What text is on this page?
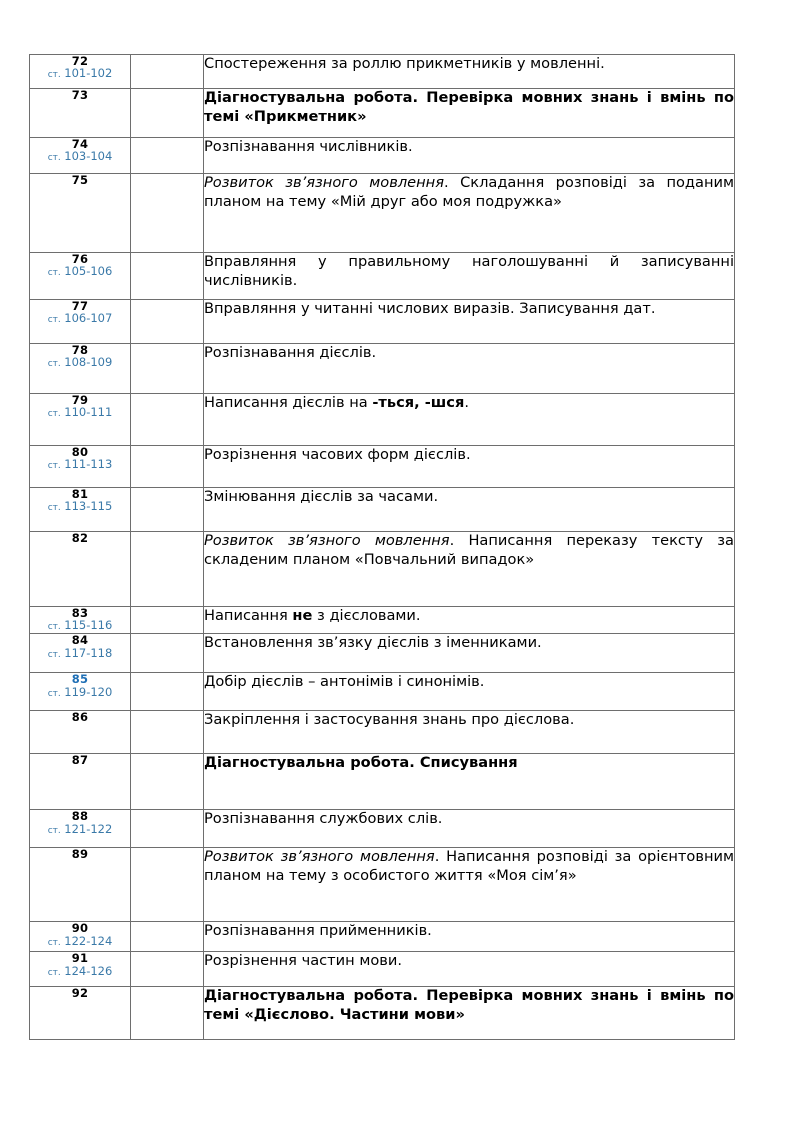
72
ст. 101-102		Спостереження за роллю прикметників у мовленні.

73		Діагностувальна робота. Перевірка мовних знань і вмінь по темі «Прикметник»

74
ст. 103-104		Розпізнавання числівників.

75		Розвиток зв’язного мовлення. Складання розповіді за поданим планом на тему «Мій друг або моя подружка»

76
ст. 105-106		Вправляння у правильному наголошуванні й записуванні числівників.

77
ст. 106-107		Вправляння у читанні числових виразів. Записування дат.

78
ст. 108-109		Розпізнавання дієслів.

79
ст. 110-111		Написання дієслів на -ться, -шся.

80
ст. 111-113		Розрізнення часових форм дієслів.

81
ст. 113-115		Змінювання дієслів за часами.

82		Розвиток зв’язного мовлення. Написання переказу тексту за складеним планом «Повчальний випадок»

83
ст. 115-116		Написання не з дієсловами.

84
ст. 117-118		Встановлення зв’язку дієслів з іменниками.

85
ст. 119-120		Добір дієслів – антонімів і синонімів.

86		Закріплення і застосування знань про дієслова.

87		Діагностувальна робота. Списування

88
ст. 121-122		Розпізнавання службових слів.

89		Розвиток зв’язного мовлення. Написання розповіді за орієнтовним планом на тему з особистого життя «Моя сім’я»

90
ст. 122-124		Розпізнавання прийменників.

91
ст. 124-126		Розрізнення частин мови.

92		Діагностувальна робота. Перевірка мовних знань і вмінь по темі «Дієслово. Частини мови»
